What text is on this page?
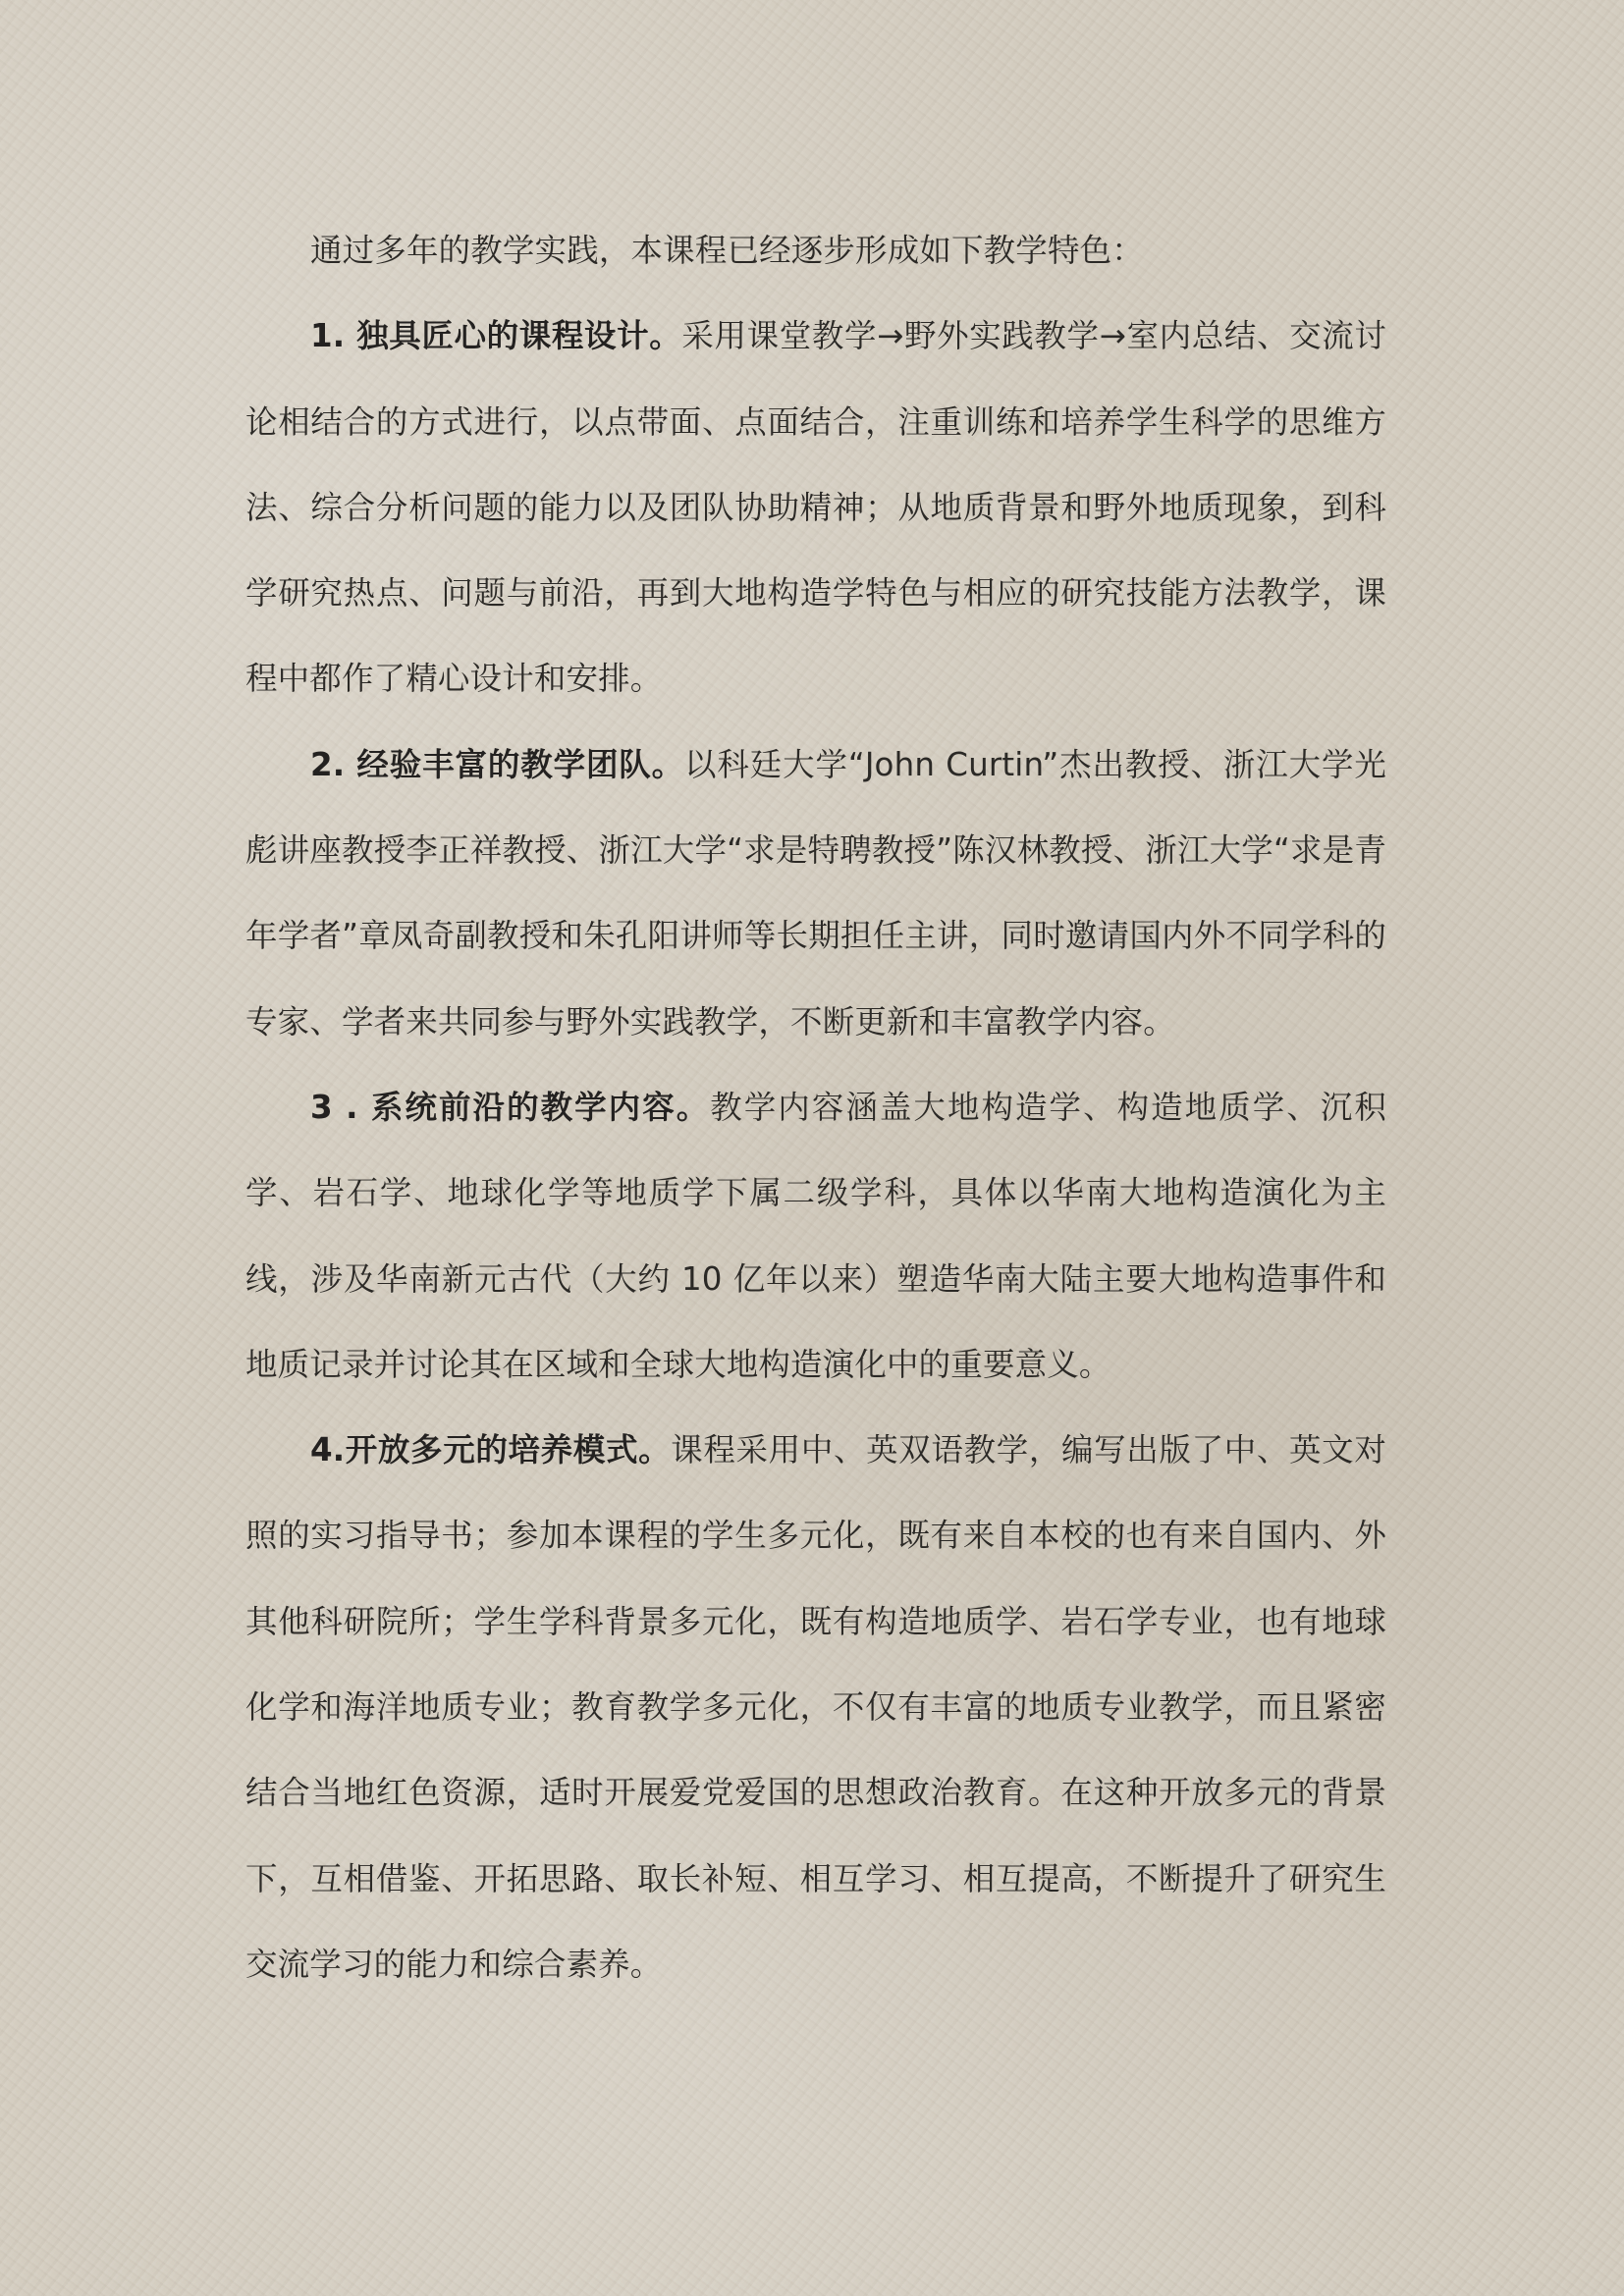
通过多年的教学实践，本课程已经逐步形成如下教学特色：

1. 独具匠心的课程设计。采用课堂教学→野外实践教学→室内总结、交流讨论相结合的方式进行，以点带面、点面结合，注重训练和培养学生科学的思维方法、综合分析问题的能力以及团队协助精神；从地质背景和野外地质现象，到科学研究热点、问题与前沿，再到大地构造学特色与相应的研究技能方法教学，课程中都作了精心设计和安排。

2. 经验丰富的教学团队。以科廷大学“John Curtin”杰出教授、浙江大学光彪讲座教授李正祥教授、浙江大学“求是特聘教授”陈汉林教授、浙江大学“求是青年学者”章凤奇副教授和朱孔阳讲师等长期担任主讲，同时邀请国内外不同学科的专家、学者来共同参与野外实践教学，不断更新和丰富教学内容。

3 . 系统前沿的教学内容。教学内容涵盖大地构造学、构造地质学、沉积学、岩石学、地球化学等地质学下属二级学科，具体以华南大地构造演化为主线，涉及华南新元古代（大约 10 亿年以来）塑造华南大陆主要大地构造事件和地质记录并讨论其在区域和全球大地构造演化中的重要意义。

4.开放多元的培养模式。课程采用中、英双语教学，编写出版了中、英文对照的实习指导书；参加本课程的学生多元化，既有来自本校的也有来自国内、外其他科研院所；学生学科背景多元化，既有构造地质学、岩石学专业，也有地球化学和海洋地质专业；教育教学多元化，不仅有丰富的地质专业教学，而且紧密结合当地红色资源，适时开展爱党爱国的思想政治教育。在这种开放多元的背景下，互相借鉴、开拓思路、取长补短、相互学习、相互提高，不断提升了研究生交流学习的能力和综合素养。
